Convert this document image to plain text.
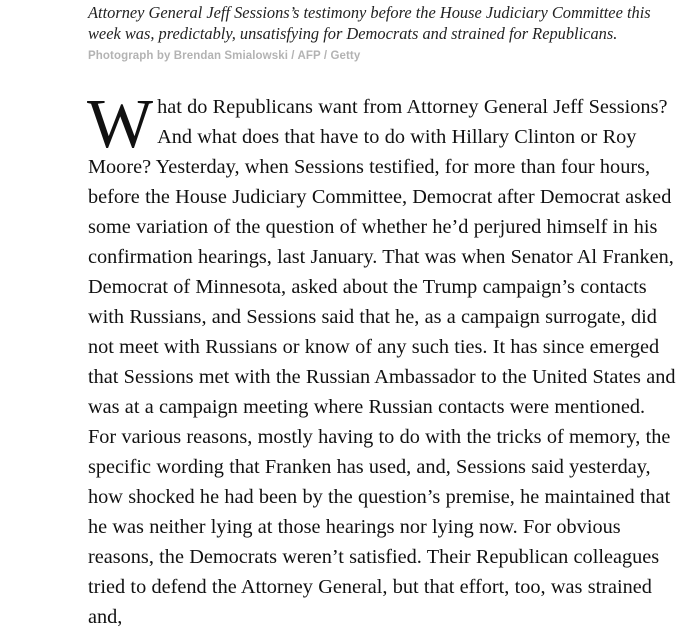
Attorney General Jeff Sessions’s testimony before the House Judiciary Committee this week was, predictably, unsatisfying for Democrats and strained for Republicans.
Photograph by Brendan Smialowski / AFP / Getty

What do Republicans want from Attorney General Jeff Sessions? And what does that have to do with Hillary Clinton or Roy Moore? Yesterday, when Sessions testified, for more than four hours, before the House Judiciary Committee, Democrat after Democrat asked some variation of the question of whether he’d perjured himself in his confirmation hearings, last January. That was when Senator Al Franken, Democrat of Minnesota, asked about the Trump campaign’s contacts with Russians, and Sessions said that he, as a campaign surrogate, did not meet with Russians or know of any such ties. It has since emerged that Sessions met with the Russian Ambassador to the United States and was at a campaign meeting where Russian contacts were mentioned. For various reasons, mostly having to do with the tricks of memory, the specific wording that Franken has used, and, Sessions said yesterday, how shocked he had been by the question’s premise, he maintained that he was neither lying at those hearings nor lying now. For obvious reasons, the Democrats weren’t satisfied. Their Republican colleagues tried to defend the Attorney General, but that effort, too, was strained and,
